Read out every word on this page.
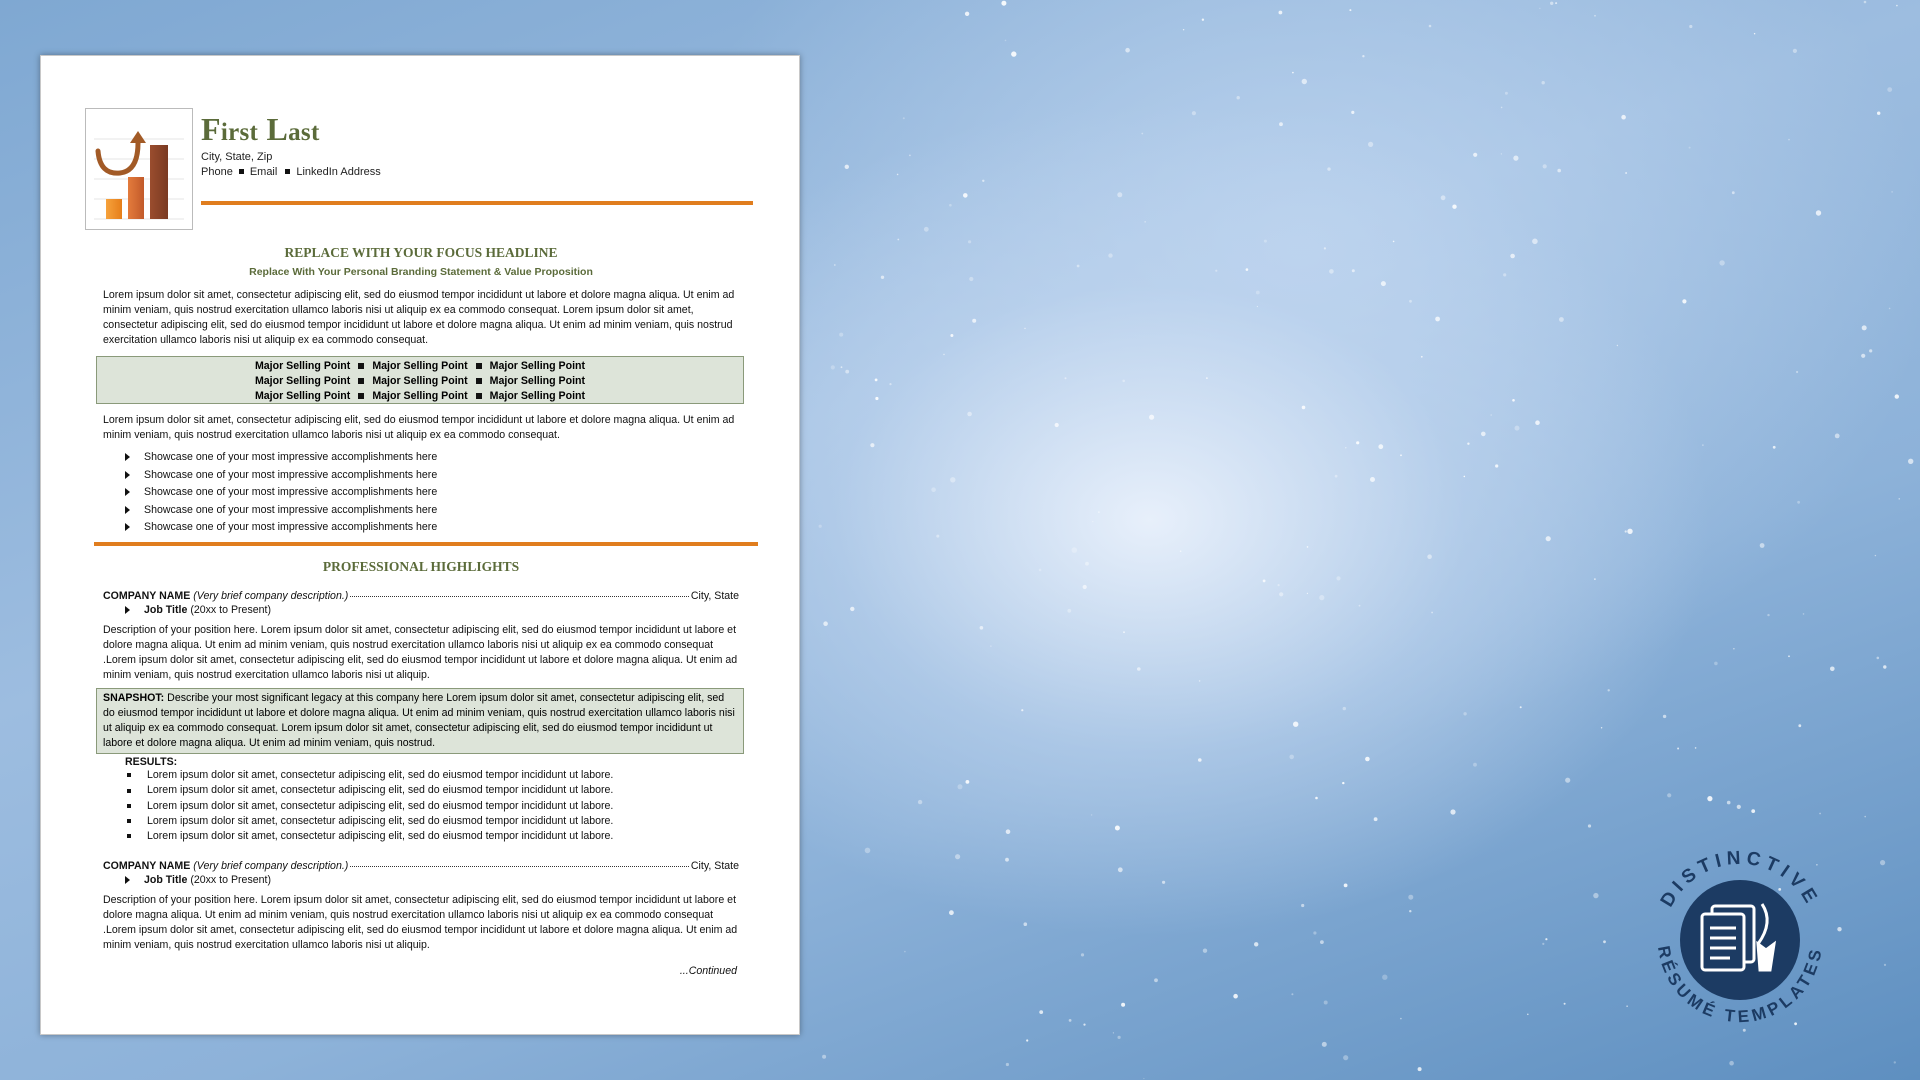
First Last
City, State, Zip
Phone Email LinkedIn Address
REPLACE WITH YOUR FOCUS HEADLINE
Replace With Your Personal Branding Statement & Value Proposition
Lorem ipsum dolor sit amet, consectetur adipiscing elit, sed do eiusmod tempor incididunt ut labore et dolore magna aliqua. Ut enim ad minim veniam, quis nostrud exercitation ullamco laboris nisi ut aliquip ex ea commodo consequat. Lorem ipsum dolor sit amet, consectetur adipiscing elit, sed do eiusmod tempor incididunt ut labore et dolore magna aliqua. Ut enim ad minim veniam, quis nostrud exercitation ullamco laboris nisi ut aliquip ex ea commodo consequat.
Major Selling Point Major Selling Point Major Selling Point
Major Selling Point Major Selling Point Major Selling Point
Major Selling Point Major Selling Point Major Selling Point
Lorem ipsum dolor sit amet, consectetur adipiscing elit, sed do eiusmod tempor incididunt ut labore et dolore magna aliqua. Ut enim ad minim veniam, quis nostrud exercitation ullamco laboris nisi ut aliquip ex ea commodo consequat.
Showcase one of your most impressive accomplishments here
Showcase one of your most impressive accomplishments here
Showcase one of your most impressive accomplishments here
Showcase one of your most impressive accomplishments here
Showcase one of your most impressive accomplishments here
PROFESSIONAL HIGHLIGHTS
COMPANY NAME
(Very brief company description.)	City, State
Job Title (20xx to Present)
Description of your position here. Lorem ipsum dolor sit amet, consectetur adipiscing elit, sed do eiusmod tempor incididunt ut labore et dolore magna aliqua. Ut enim ad minim veniam, quis nostrud exercitation ullamco laboris nisi ut aliquip ex ea commodo consequat .Lorem ipsum dolor sit amet, consectetur adipiscing elit, sed do eiusmod tempor incididunt ut labore et dolore magna aliqua. Ut enim ad minim veniam, quis nostrud exercitation ullamco laboris nisi ut aliquip.
SNAPSHOT: Describe your most significant legacy at this company here Lorem ipsum dolor sit amet, consectetur adipiscing elit, sed do eiusmod tempor incididunt ut labore et dolore magna aliqua. Ut enim ad minim veniam, quis nostrud exercitation ullamco laboris nisi ut aliquip ex ea commodo consequat. Lorem ipsum dolor sit amet, consectetur adipiscing elit, sed do eiusmod tempor incididunt ut labore et dolore magna aliqua. Ut enim ad minim veniam, quis nostrud.
RESULTS:
Lorem ipsum dolor sit amet, consectetur adipiscing elit, sed do eiusmod tempor incididunt ut labore.
Lorem ipsum dolor sit amet, consectetur adipiscing elit, sed do eiusmod tempor incididunt ut labore.
Lorem ipsum dolor sit amet, consectetur adipiscing elit, sed do eiusmod tempor incididunt ut labore.
Lorem ipsum dolor sit amet, consectetur adipiscing elit, sed do eiusmod tempor incididunt ut labore.
Lorem ipsum dolor sit amet, consectetur adipiscing elit, sed do eiusmod tempor incididunt ut labore.
COMPANY NAME
(Very brief company description.)	City, State
Job Title (20xx to Present)
Description of your position here. Lorem ipsum dolor sit amet, consectetur adipiscing elit, sed do eiusmod tempor incididunt ut labore et dolore magna aliqua. Ut enim ad minim veniam, quis nostrud exercitation ullamco laboris nisi ut aliquip ex ea commodo consequat .Lorem ipsum dolor sit amet, consectetur adipiscing elit, sed do eiusmod tempor incididunt ut labore et dolore magna aliqua. Ut enim ad minim veniam, quis nostrud exercitation ullamco laboris nisi ut aliquip.
...Continued
DISTINCTIVE
RÉSUMÉ TEMPLATES
